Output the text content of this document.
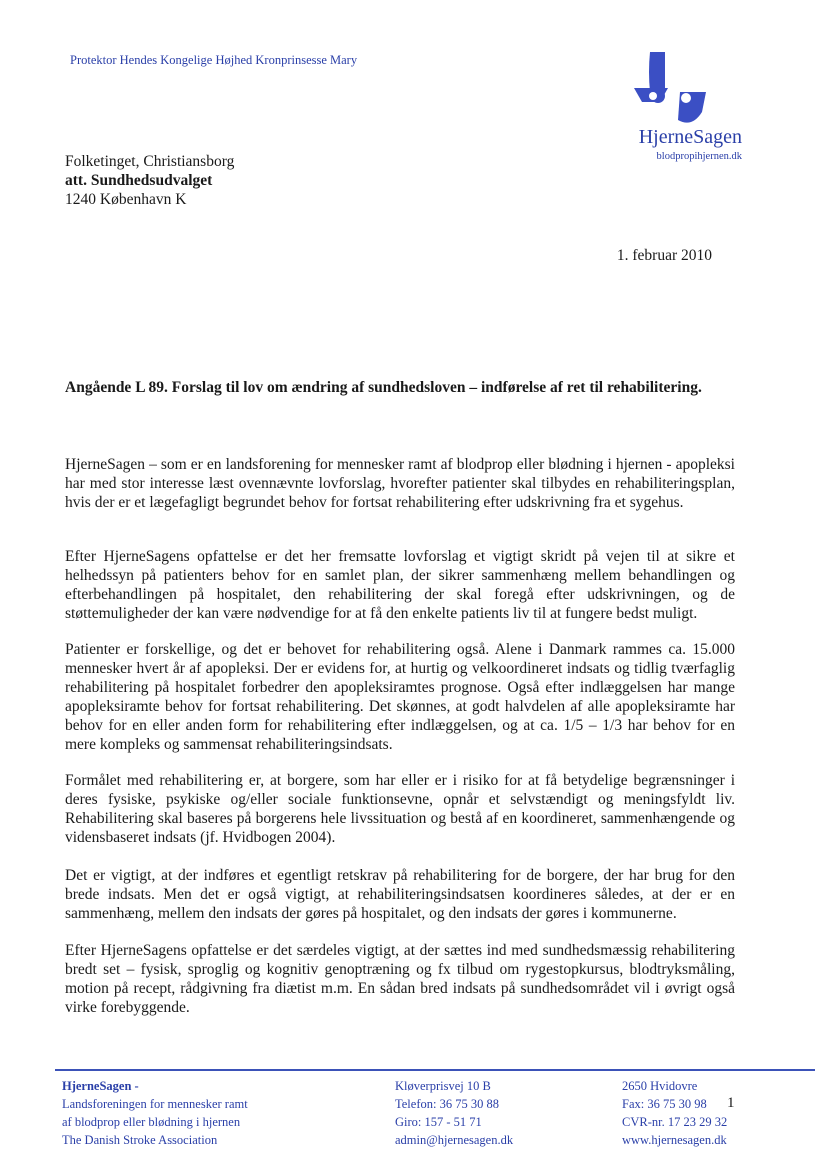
Protektor Hendes Kongelige Højhed Kronprinsesse Mary
HjerneSagen
blodpropihjernen.dk
Folketinget, Christiansborg
att. Sundhedsudvalget
1240 København K
1. februar 2010
Angående L 89. Forslag til lov om ændring af sundhedsloven – indførelse af ret til rehabilitering.
HjerneSagen – som er en landsforening for mennesker ramt af blodprop eller blødning i hjernen - apopleksi har med stor interesse læst ovennævnte lovforslag, hvorefter patienter skal tilbydes en rehabiliteringsplan, hvis der er et lægefagligt begrundet behov for fortsat rehabilitering efter udskrivning fra et sygehus.
Efter HjerneSagens opfattelse er det her fremsatte lovforslag et vigtigt skridt på vejen til at sikre et helhedssyn på patienters behov for en samlet plan, der sikrer sammenhæng mellem behandlingen og efterbehandlingen på hospitalet, den rehabilitering der skal foregå efter udskrivningen, og de støttemuligheder der kan være nødvendige for at få den enkelte patients liv til at fungere bedst muligt.
Patienter er forskellige, og det er behovet for rehabilitering også. Alene i Danmark rammes ca. 15.000 mennesker hvert år af apopleksi. Der er evidens for, at hurtig og velkoordineret indsats og tidlig tværfaglig rehabilitering på hospitalet forbedrer den apopleksiramtes prognose. Også efter indlæggelsen har mange apopleksiramte behov for fortsat rehabilitering. Det skønnes, at godt halvdelen af alle apopleksiramte har behov for en eller anden form for rehabilitering efter indlæggelsen, og at ca. 1/5 – 1/3 har behov for en mere kompleks og sammensat rehabiliteringsindsats.
Formålet med rehabilitering er, at borgere, som har eller er i risiko for at få betydelige begrænsninger i deres fysiske, psykiske og/eller sociale funktionsevne, opnår et selvstændigt og meningsfyldt liv. Rehabilitering skal baseres på borgerens hele livssituation og bestå af en koordineret, sammenhængende og vidensbaseret indsats (jf. Hvidbogen 2004).
Det er vigtigt, at der indføres et egentligt retskrav på rehabilitering for de borgere, der har brug for den brede indsats. Men det er også vigtigt, at rehabiliteringsindsatsen koordineres således, at der er en sammenhæng, mellem den indsats der gøres på hospitalet, og den indsats der gøres i kommunerne.
Efter HjerneSagens opfattelse er det særdeles vigtigt, at der sættes ind med sundhedsmæssig rehabilitering bredt set – fysisk, sproglig og kognitiv genoptræning og fx tilbud om rygestopkursus, blodtryksmåling, motion på recept, rådgivning fra diætist m.m. En sådan bred indsats på sundhedsområdet vil i øvrigt også virke forebyggende.
HjerneSagen -
Landsforeningen for mennesker ramt
af blodprop eller blødning i hjernen
The Danish Stroke Association
Kløverprisvej 10 B
Telefon: 36 75 30 88
Giro: 157 - 51 71
admin@hjernesagen.dk
2650 Hvidovre
Fax: 36 75 30 98
CVR-nr. 17 23 29 32
www.hjernesagen.dk
1
